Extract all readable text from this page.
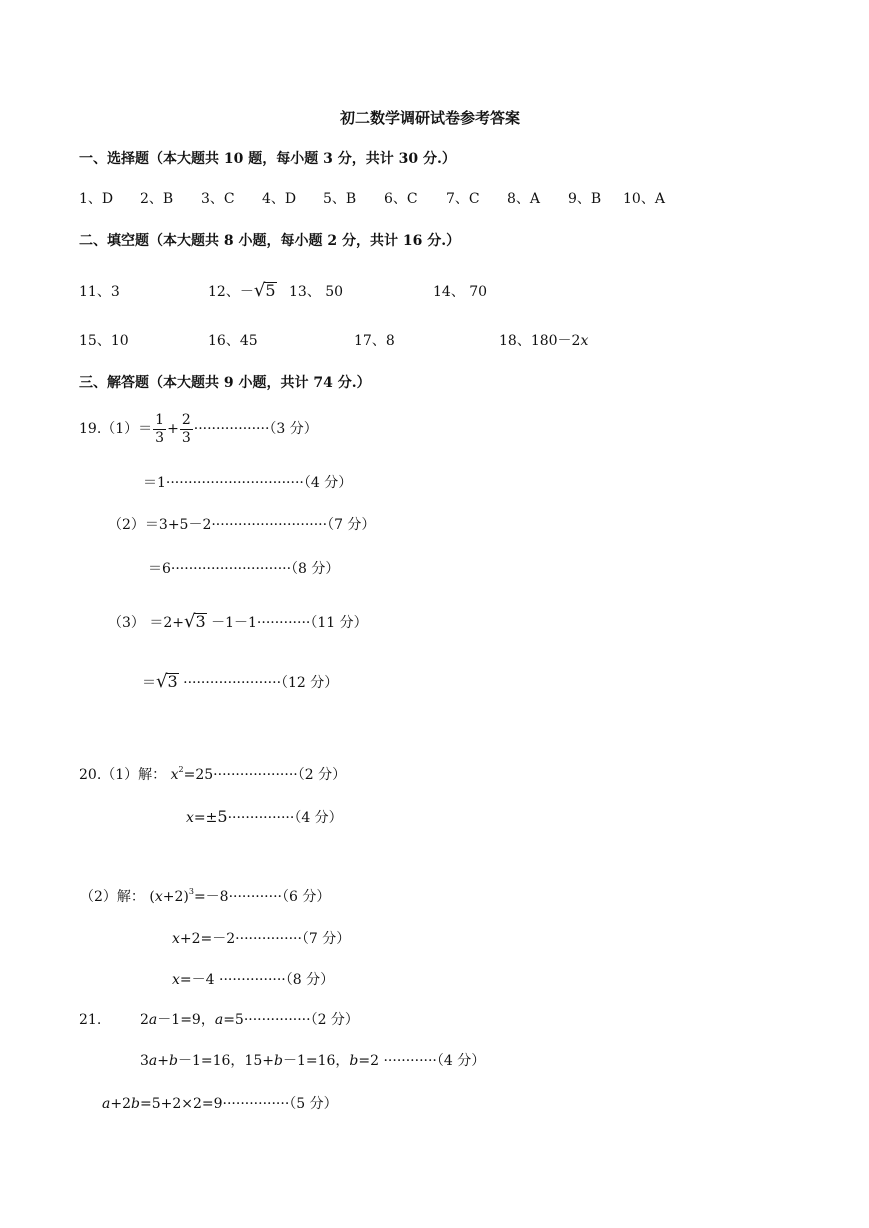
初二数学调研试卷参考答案
一、选择题（本大题共 10 题，每小题 3 分，共计 30 分.）
1、D 2、B 3、C 4、D 5、B 6、C 7、C 8、A 9、B 10、A
二、填空题（本大题共 8 小题，每小题 2 分，共计 16 分.）
11、3	12、－√5 13、 50	14、 70
15、10	16、45	17、8	18、180－2x
三、解答题（本大题共 9 小题，共计 74 分.）
$19.(1)= \frac{1}{3} + \frac{2}{3} \cdot\cdot\cdot\cdot\cdot\cdot\cdot\cdot\cdot\cdot\cdot\cdot\cdot\cdot\cdot\cdot\cdot(3$ 分）
＝1·······························（4 分）
（2）＝3+5－2··························（7 分）
＝6···························（8 分）
（3） ＝2+√3 －1－1············（11 分）
＝√3 ······················（12 分）
20.（1）解： $x^2=25\cdot\cdot\cdot\cdot\cdot\cdot\cdot\cdot\cdot\cdot\cdot\cdot\cdot\cdot\cdot\cdot\cdot\cdot\cdot(2$ 分）
x=±5···············（4 分）
（2）解： $(x+2)^3=-8\cdot\cdot\cdot\cdot\cdot\cdot\cdot\cdot\cdot\cdot\cdot\cdot(6$ 分）
x+2=－2···············（7 分）
x=－4 ···············（8 分）
21.	2a－1=9，a=5···············（2 分）
3a+b－1=16，15+b－1=16，b=2 ············（4 分）
a+2b=5+2×2=9···············（5 分）
